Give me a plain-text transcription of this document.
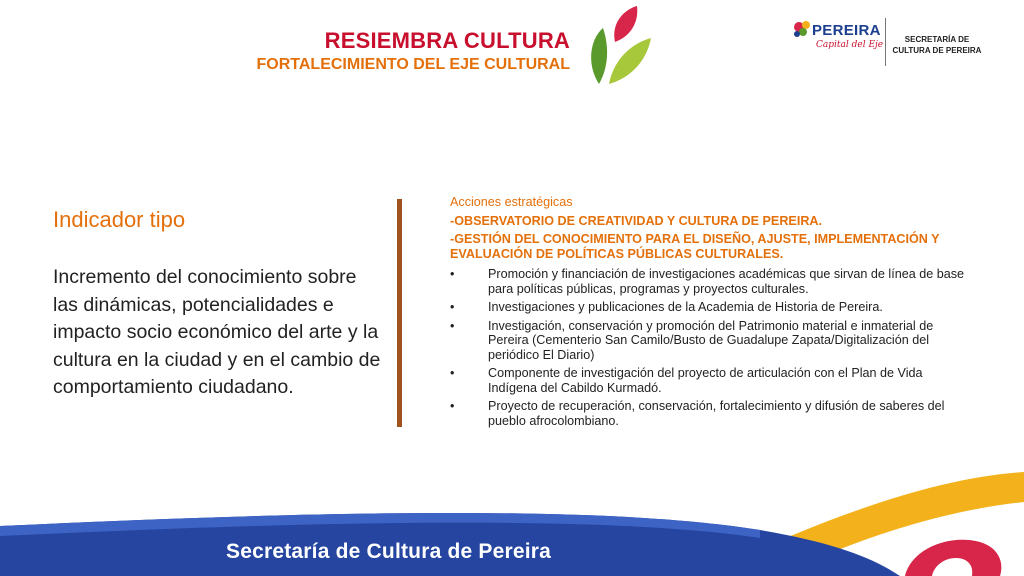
RESIEMBRA CULTURA
FORTALECIMIENTO DEL EJE CULTURAL
PEREIRA
Capital del Eje
SECRETARÍA DE CULTURA DE PEREIRA
Indicador tipo
Incremento del conocimiento sobre las dinámicas, potencialidades e impacto socio económico del arte y la cultura en la ciudad y en el cambio de comportamiento ciudadano.
Acciones estratégicas
-OBSERVATORIO DE CREATIVIDAD Y CULTURA DE PEREIRA.
-GESTIÓN DEL CONOCIMIENTO PARA EL DISEÑO, AJUSTE, IMPLEMENTACIÓN Y EVALUACIÓN DE POLÍTICAS PÚBLICAS CULTURALES.
•	Promoción y financiación de investigaciones académicas que sirvan de línea de base para políticas públicas, programas y proyectos culturales.
•	Investigaciones y publicaciones de la Academia de Historia de Pereira.
•	Investigación, conservación y promoción del Patrimonio material e inmaterial de Pereira (Cementerio San Camilo/Busto de Guadalupe Zapata/Digitalización del periódico El Diario)
•	Componente de investigación del proyecto de articulación con el Plan de Vida Indígena del Cabildo Kurmadó.
•	Proyecto de recuperación, conservación, fortalecimiento y difusión de saberes del pueblo afrocolombiano.
Secretaría de Cultura de Pereira
